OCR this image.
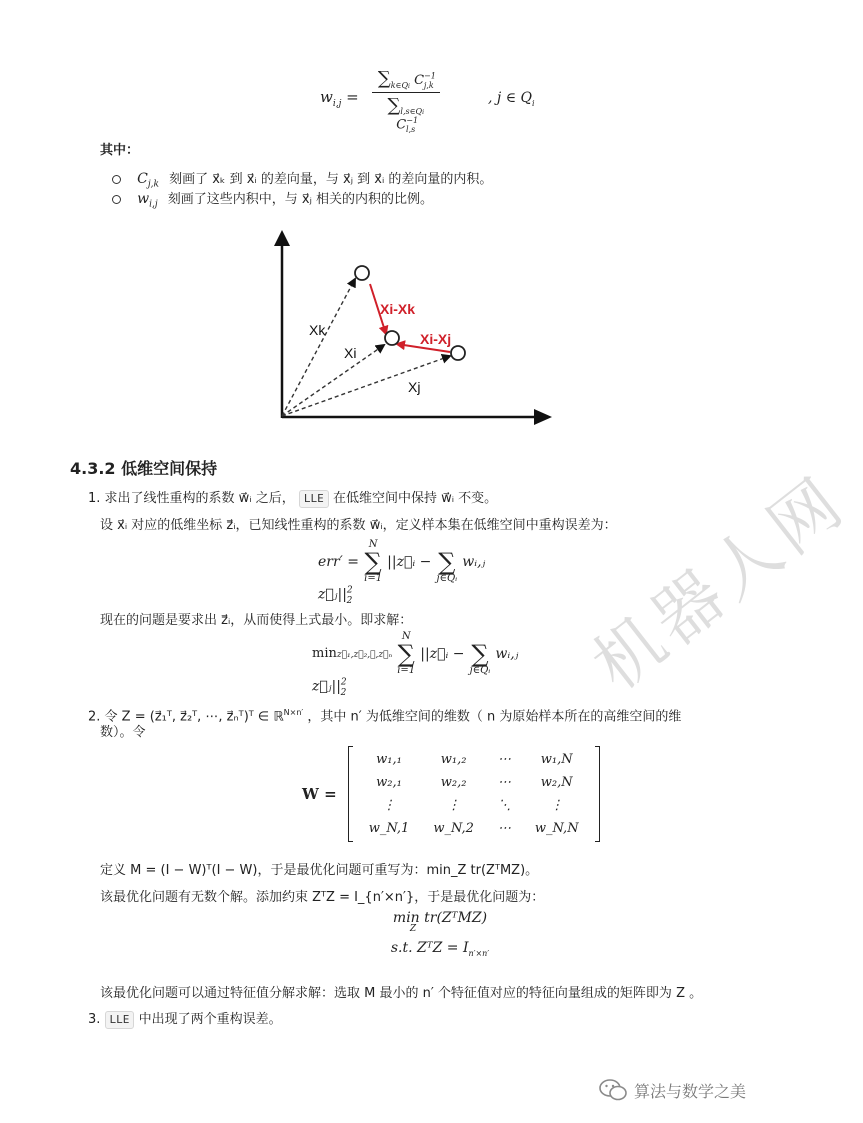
$w_{i,j} = \frac{\sum_{k\in Qi} C^{-1}_{j,k}}{\sum_{l,s\in Qi} C^{-1}_{l,s}}$	, j ∈ $Q_i$
其中：
$C_{j,k}$ 刻画了 x⃗ₖ 到 x⃗ᵢ 的差向量，与 x⃗ⱼ 到 x⃗ᵢ 的差向量的内积。
$w_{i,j}$ 刻画了这些内积中，与 x⃗ⱼ 相关的内积的比例。
Xk
Xi
Xj
Xi-Xk
Xi-Xj
4.3.2 低维空间保持
1. 求出了线性重构的系数 w⃗ᵢ 之后， LLE 在低维空间中保持 w⃗ᵢ 不变。
设 x⃗ᵢ 对应的低维坐标 z⃗ᵢ，已知线性重构的系数 w⃗ᵢ，定义样本集在低维空间中重构误差为：
err′ = N
∑
i=1 ||z⃗ᵢ − ∑
j∈Qᵢ wᵢ,ⱼ $z⃗ⱼ||^2_2$
现在的问题是要求出 z⃗ᵢ，从而使得上式最小。即求解：
minz⃗₁,z⃗₂,⋯,z⃗ₙ N
∑
i=1 ||z⃗ᵢ − ∑
j∈Qᵢ wᵢ,ⱼ $z⃗ⱼ||^2_2$
2. 令 Z = (z⃗₁ᵀ, z⃗₂ᵀ, ⋯, z⃗ₙᵀ)ᵀ ∈ ℝ$^{N\times n'}$ ，其中 n′ 为低维空间的维数（ n 为原始样本所在的高维空间的维
数）。令
W =
w₁,₁	w₁,₂	⋯	w₁,N
w₂,₁	w₂,₂	⋯	w₂,N
⋮	⋮	⋱	⋮
w_N,1	w_N,2	⋯	w_N,N
定义 M = (I − W)ᵀ(I − W)，于是最优化问题可重写为：min_Z tr(ZᵀMZ)。
该最优化问题有无数个解。添加约束 ZᵀZ = I_{n′×n′}，于是最优化问题为：
min tr(ZᵀMZ)
Z
s.t. ZᵀZ = $I_{n'\times n'}$
该最优化问题可以通过特征值分解求解：选取 M 最小的 n′ 个特征值对应的特征向量组成的矩阵即为 Z 。
3. LLE 中出现了两个重构误差。
机器人网
算法与数学之美
